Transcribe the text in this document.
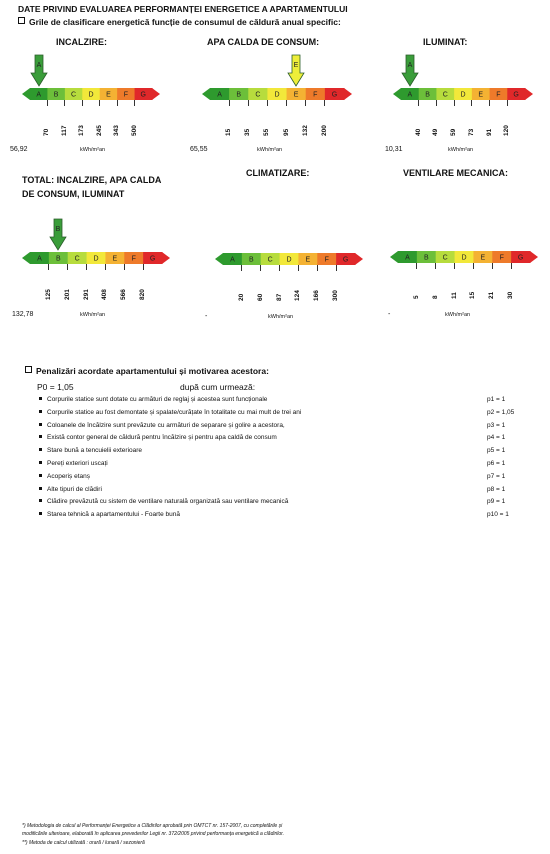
DATE PRIVIND EVALUAREA PERFORMANȚEI ENERGETICE A APARTAMENTULUI
Grile de clasificare energetică funcție de consumul de căldură anual specific:
INCALZIRE:	APA CALDA DE CONSUM:	ILUMINAT:
TOTAL: INCALZIRE, APA CALDA
DE CONSUM, ILUMINAT
CLIMATIZARE:	VENTILARE MECANICA:
A B C D E F G
70 117 173 245 343 500
A
56,92	kWh/m²an
A B C D E F G
15 35 55 95 132 200
E
65,55	kWh/m²an
A B C D E F G
40 49 59 73 91 120
A
10,31	kWh/m²an
A B C D E F G
125 201 291 408 566 820
B
132,78	kWh/m²an
A B C D E F G
20 60 87 124 166 300
-	kWh/m²an
A B C D E F G
5 8 11 15 21 30
-	kWh/m²an
Penalizări acordate apartamentului și motivarea acestora:
P0 = 1,05	după cum urmează:
Corpurile statice sunt dotate cu armături de reglaj și acestea sunt funcționale	p1 = 1
Corpurile statice au fost demontate și spalate/curățate în totalitate cu mai mult de trei ani	p2 = 1,05
Coloanele de încălzire sunt prevăzute cu armături de separare și golire a acestora,	p3 = 1
Există contor general de căldură pentru încălzire și pentru apa caldă de consum	p4 = 1
Stare bună a tencuielii exterioare	p5 = 1
Pereți exteriori uscați	p6 = 1
Acoperiș etanș	p7 = 1
Alte tipuri de clădiri	p8 = 1
Clădire prevăzută cu sistem de ventilare naturală organizată sau ventilare mecanică	p9 = 1
Starea tehnică a apartamentului - Foarte bună	p10 = 1
*) Metodologia de calcul al Performanței Energetice a Clădirilor aprobată prin OMTCT nr. 157-2007, cu completările și
modificările ulterioare, elaborată în aplicarea prevederilor Legii nr. 372/2005 privind performanța energetică a clădirilor.
**) Metoda de calcul utilizată : orară / lunară / sezonieră
